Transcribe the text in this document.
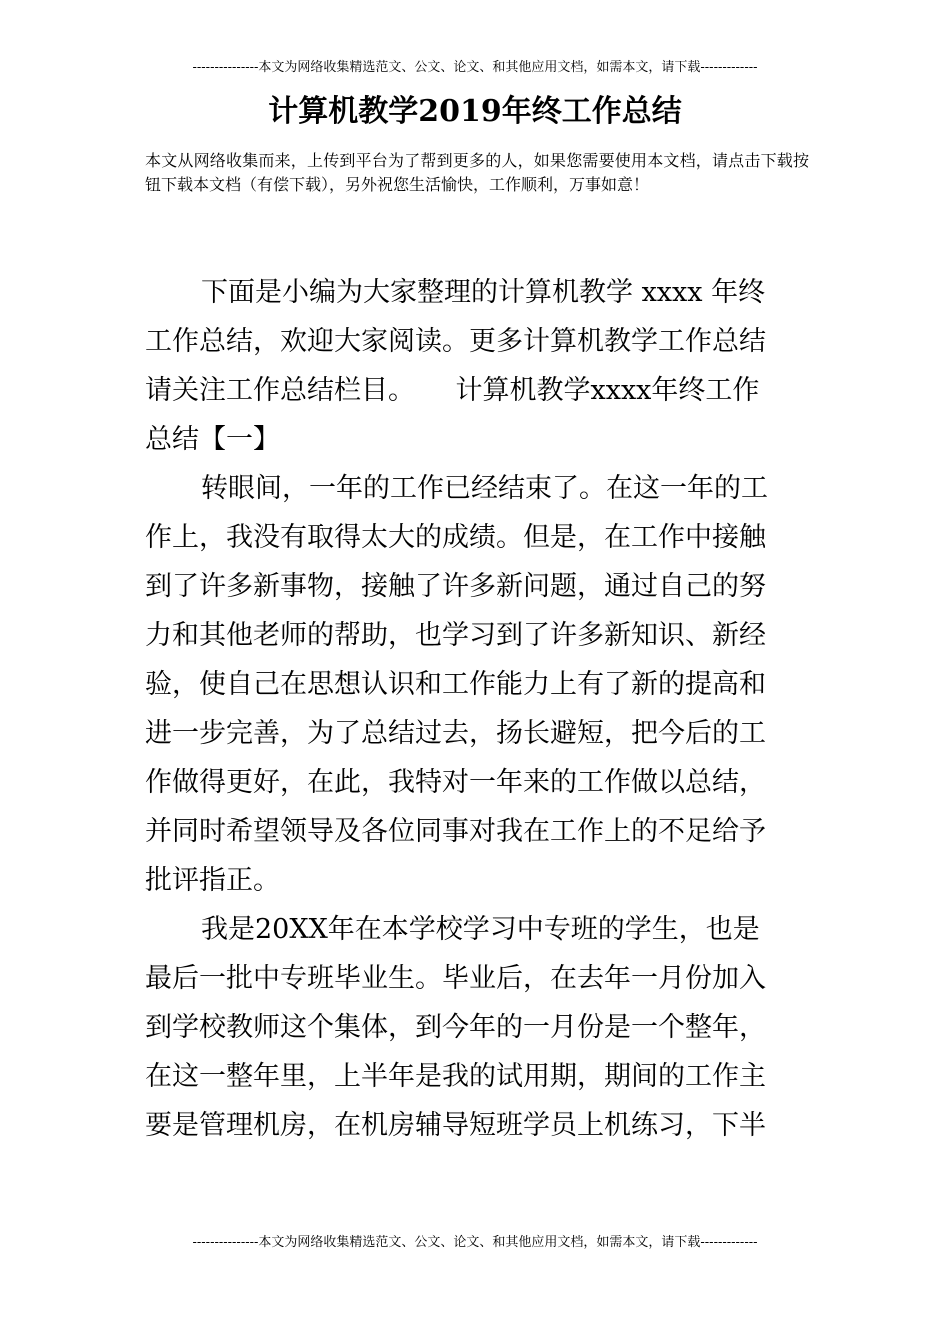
---------------本文为网络收集精选范文、公文、论文、和其他应用文档，如需本文，请下载-------------
计算机教学2019年终工作总结
本文从网络收集而来，上传到平台为了帮到更多的人，如果您需要使用本文档，请点击下载按钮下载本文档（有偿下载），另外祝您生活愉快，工作顺利，万事如意！
下面是小编为大家整理的计算机教学 xxxx 年终
工作总结，欢迎大家阅读。更多计算机教学工作总结
请关注工作总结栏目。　　计算机教学xxxx年终工作
总结【一】
转眼间，一年的工作已经结束了。在这一年的工
作上，我没有取得太大的成绩。但是，在工作中接触
到了许多新事物，接触了许多新问题，通过自己的努
力和其他老师的帮助，也学习到了许多新知识、新经
验，使自己在思想认识和工作能力上有了新的提高和
进一步完善，为了总结过去，扬长避短，把今后的工
作做得更好，在此，我特对一年来的工作做以总结，
并同时希望领导及各位同事对我在工作上的不足给予
批评指正。
我是20XX年在本学校学习中专班的学生，也是
最后一批中专班毕业生。毕业后，在去年一月份加入
到学校教师这个集体，到今年的一月份是一个整年，
在这一整年里，上半年是我的试用期，期间的工作主
要是管理机房，在机房辅导短班学员上机练习，下半
---------------本文为网络收集精选范文、公文、论文、和其他应用文档，如需本文，请下载-------------
